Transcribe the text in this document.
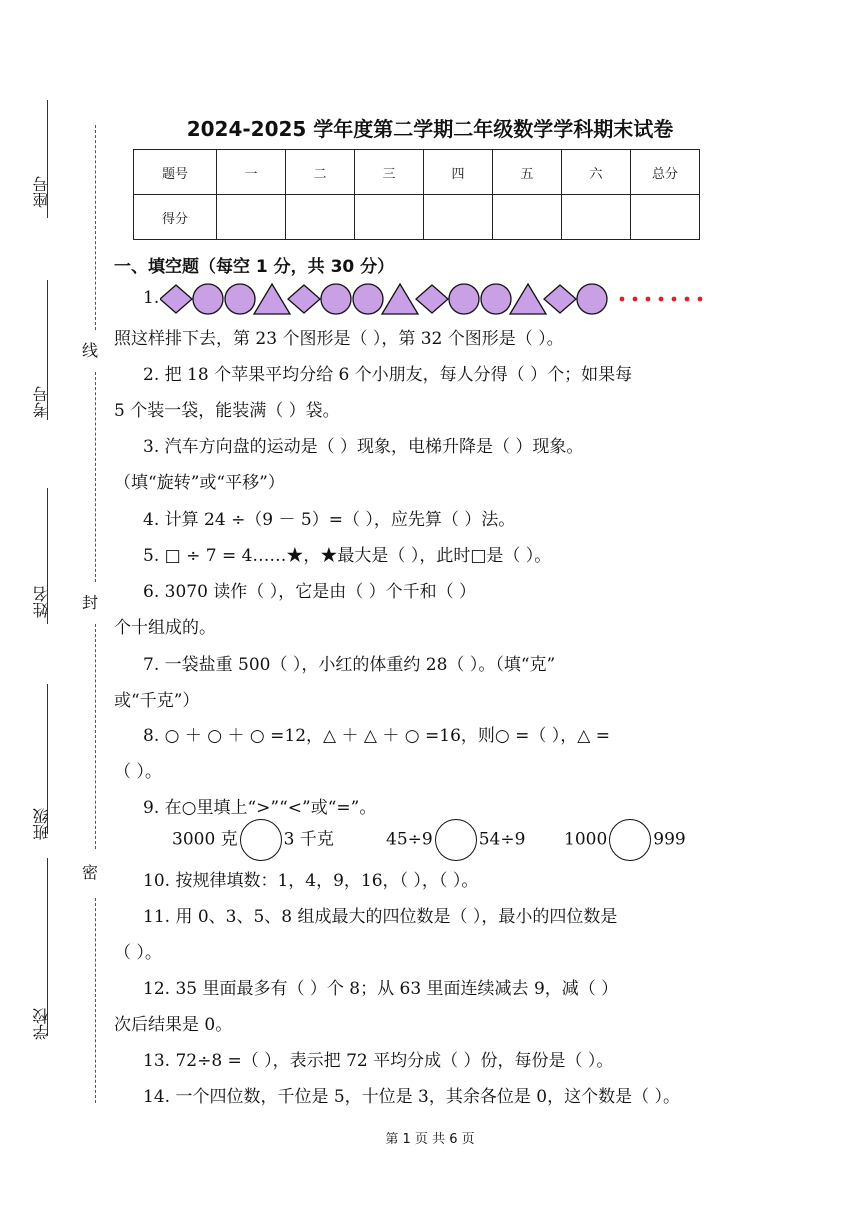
座号
考号
姓名
班级
学校
线
封
密
2024-2025 学年度第二学期二年级数学学科期末试卷
题号	一	二	三	四	五	六	总分
得分							
一、填空题（每空 1 分，共 30 分）
1.
照这样排下去，第 23 个图形是（ ），第 32 个图形是（ ）。
2. 把 18 个苹果平均分给 6 个小朋友，每人分得（ ）个；如果每
5 个装一袋，能装满（ ）袋。
3. 汽车方向盘的运动是（ ）现象，电梯升降是（ ）现象。
（填“旋转”或“平移”）
4. 计算 24 ÷（9 － 5）=（ ），应先算（ ）法。
5. □ ÷ 7 = 4……★，★最大是（ ），此时□是（ ）。
6. 3070 读作（ ），它是由（ ）个千和（ ）
个十组成的。
7. 一袋盐重 500（ ），小红的体重约 28（ ）。（填“克”
或“千克”）
8. ○ ＋ ○ ＋ ○ =12，△ ＋ △ ＋ ○ =16，则○ =（ ），△ =
（ ）。
9. 在○里填上“>”“<”或“=”。
3000 克	3 千克	45÷9	54÷9 1000	999
10. 按规律填数：1，4，9，16，（ ），（ ）。
11. 用 0、3、5、8 组成最大的四位数是（ ），最小的四位数是
（ ）。
12. 35 里面最多有（ ）个 8；从 63 里面连续减去 9，减（ ）
次后结果是 0。
13. 72÷8 =（ ），表示把 72 平均分成（ ）份，每份是（ ）。
14. 一个四位数，千位是 5，十位是 3，其余各位是 0，这个数是（ ）。
第 1 页 共 6 页
